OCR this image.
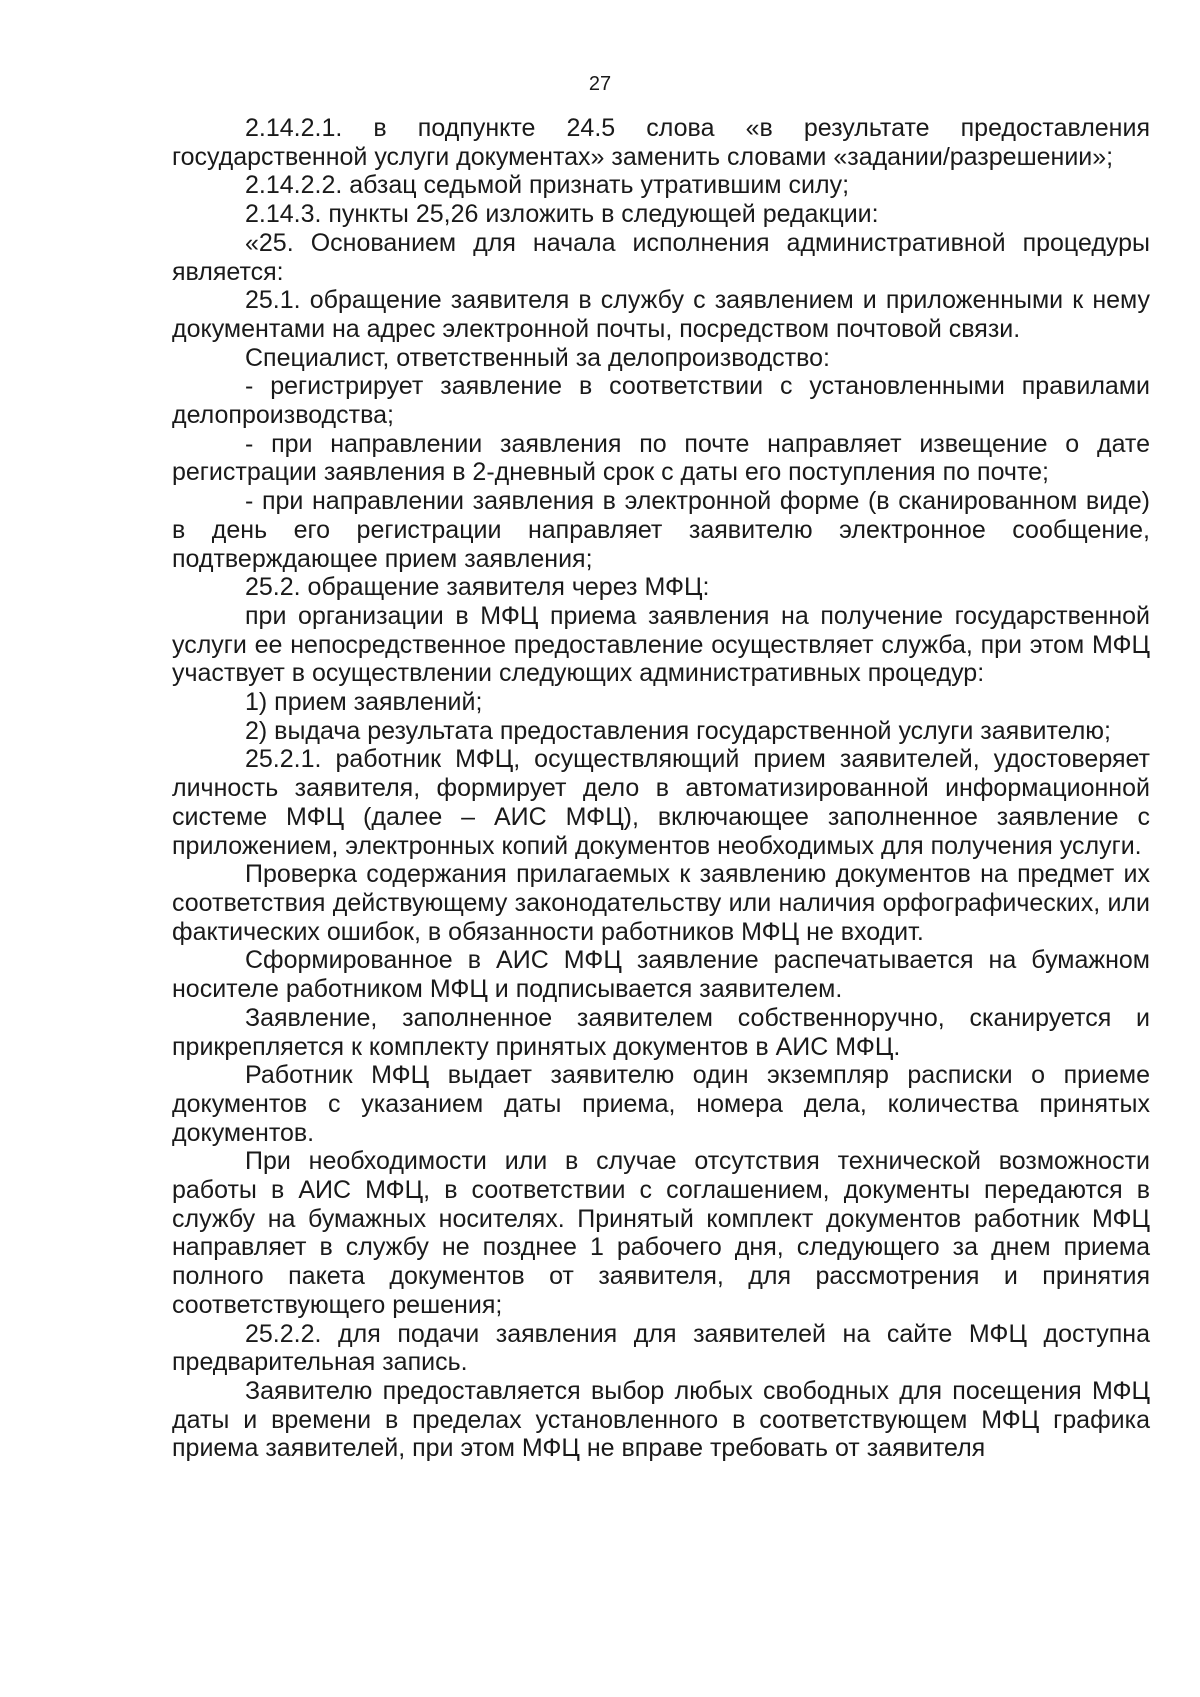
27

2.14.2.1. в подпункте 24.5 слова «в результате предоставления государственной услуги документах» заменить словами «задании/разрешении»;

2.14.2.2. абзац седьмой признать утратившим силу;

2.14.3. пункты 25,26 изложить в следующей редакции:

«25. Основанием для начала исполнения административной процедуры является:

25.1. обращение заявителя в службу с заявлением и приложенными к нему документами на адрес электронной почты, посредством почтовой связи.

Специалист, ответственный за делопроизводство:

- регистрирует заявление в соответствии с установленными правилами делопроизводства;

- при направлении заявления по почте направляет извещение о дате регистрации заявления в 2-дневный срок с даты его поступления по почте;

- при направлении заявления в электронной форме (в сканированном виде) в день его регистрации направляет заявителю электронное сообщение, подтверждающее прием заявления;

25.2. обращение заявителя через МФЦ:

при организации в МФЦ приема заявления на получение государственной услуги ее непосредственное предоставление осуществляет служба, при этом МФЦ участвует в осуществлении следующих административных процедур:

1) прием заявлений;

2) выдача результата предоставления государственной услуги заявителю;

25.2.1. работник МФЦ, осуществляющий прием заявителей, удостоверяет личность заявителя, формирует дело в автоматизированной информационной системе МФЦ (далее – АИС МФЦ), включающее заполненное заявление с приложением, электронных копий документов необходимых для получения услуги.

Проверка содержания прилагаемых к заявлению документов на предмет их соответствия действующему законодательству или наличия орфографических, или фактических ошибок, в обязанности работников МФЦ не входит.

Сформированное в АИС МФЦ заявление распечатывается на бумажном носителе работником МФЦ и подписывается заявителем.

Заявление, заполненное заявителем собственноручно, сканируется и прикрепляется к комплекту принятых документов в АИС МФЦ.

Работник МФЦ выдает заявителю один экземпляр расписки о приеме документов с указанием даты приема, номера дела, количества принятых документов.

При необходимости или в случае отсутствия технической возможности работы в АИС МФЦ, в соответствии с соглашением, документы передаются в службу на бумажных носителях. Принятый комплект документов работник МФЦ направляет в службу не позднее 1 рабочего дня, следующего за днем приема полного пакета документов от заявителя, для рассмотрения и принятия соответствующего решения;

25.2.2. для подачи заявления для заявителей на сайте МФЦ доступна предварительная запись.

Заявителю предоставляется выбор любых свободных для посещения МФЦ даты и времени в пределах установленного в соответствующем МФЦ графика приема заявителей, при этом МФЦ не вправе требовать от заявителя
